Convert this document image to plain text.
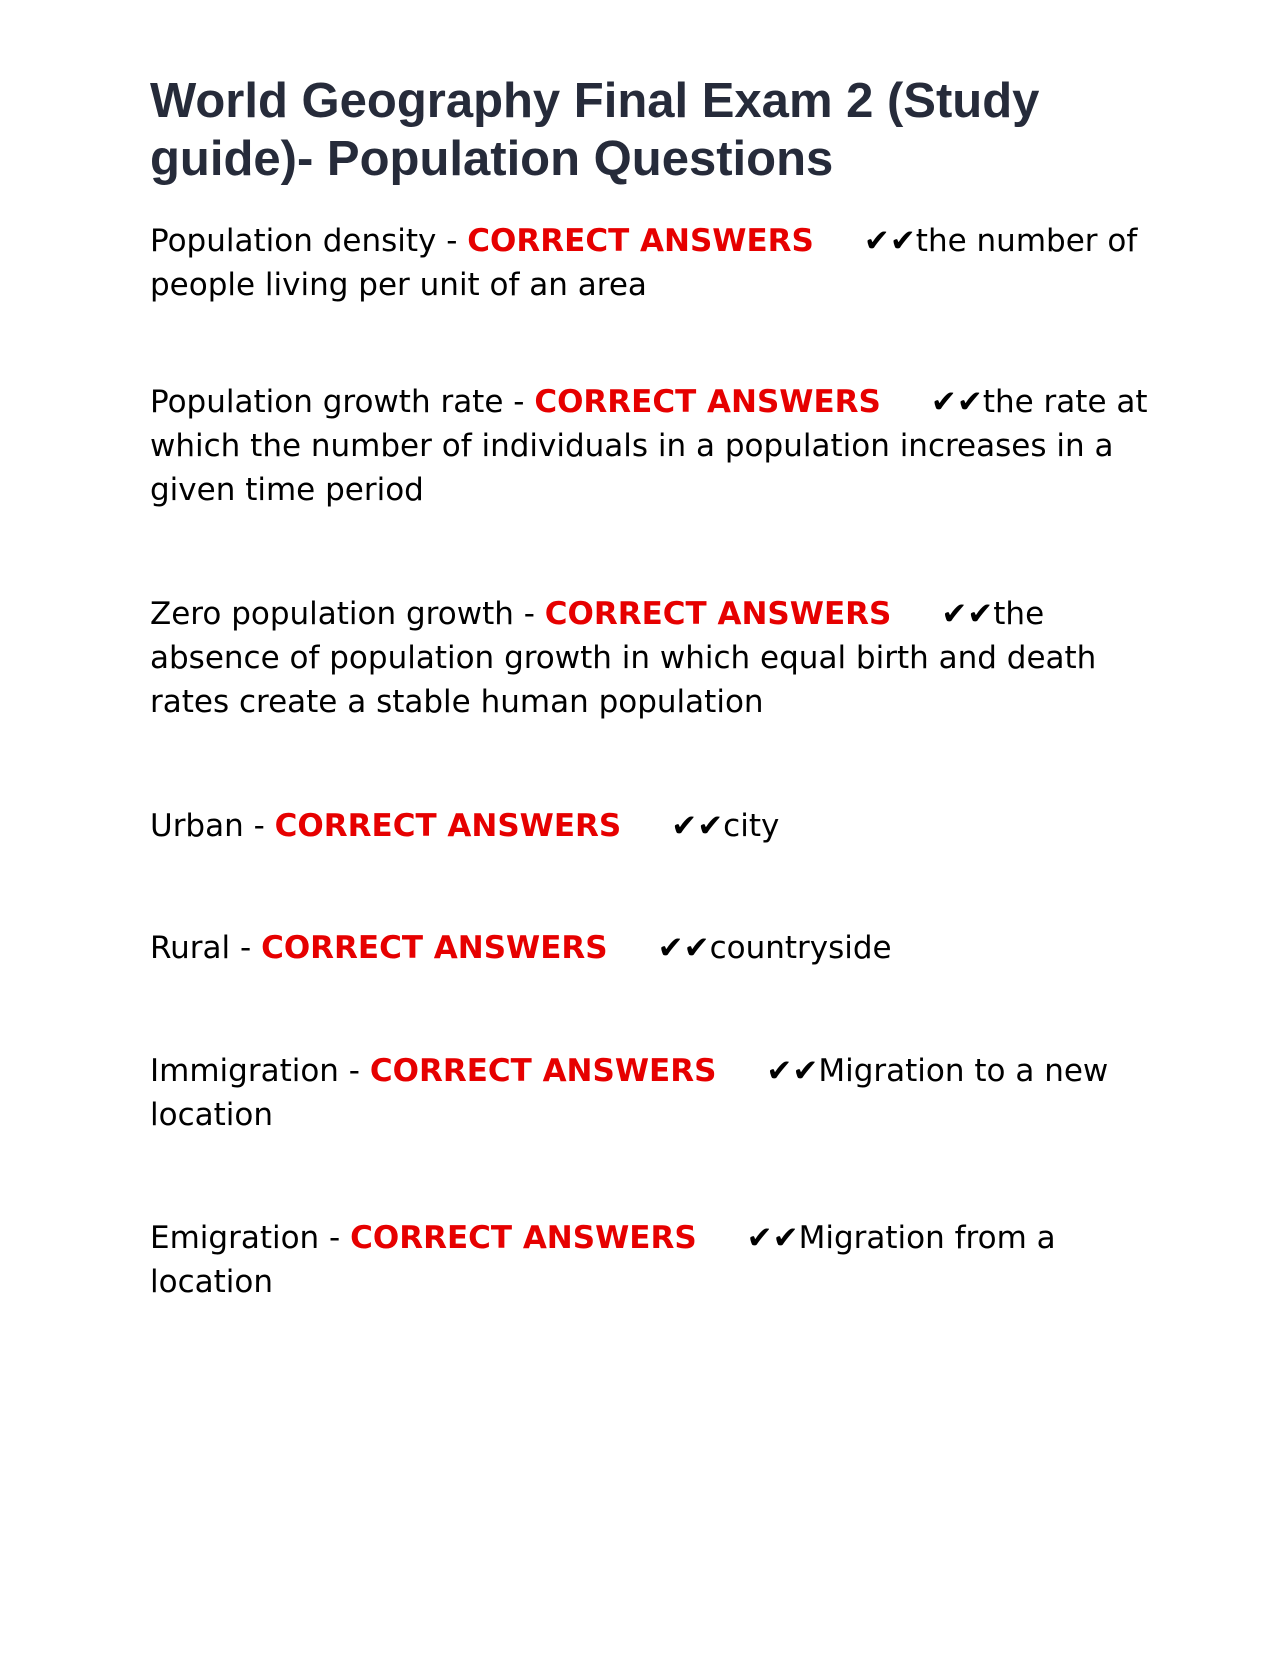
World Geography Final Exam 2 (Study guide)- Population Questions

Population density - CORRECT ANSWERS ✔✔the number of people living per unit of an area

Population growth rate - CORRECT ANSWERS ✔✔the rate at which the number of individuals in a population increases in a given time period

Zero population growth - CORRECT ANSWERS ✔✔the absence of population growth in which equal birth and death rates create a stable human population

Urban - CORRECT ANSWERS ✔✔city

Rural - CORRECT ANSWERS ✔✔countryside

Immigration - CORRECT ANSWERS ✔✔Migration to a new location

Emigration - CORRECT ANSWERS ✔✔Migration from a location
